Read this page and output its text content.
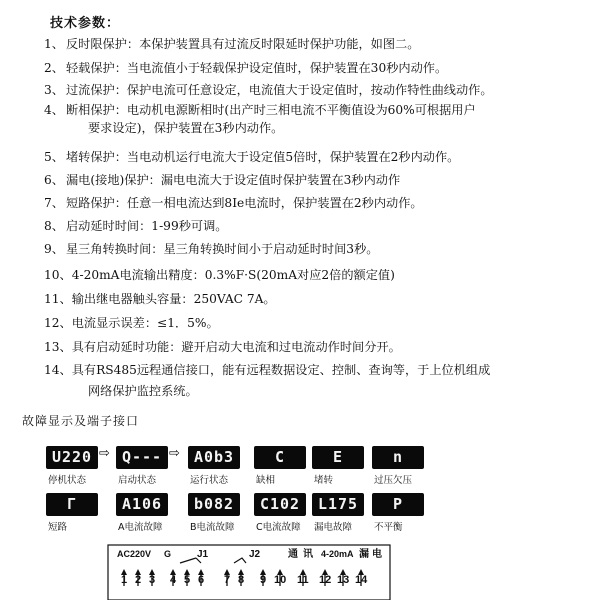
技术参数：
1、 反时限保护：本保护装置具有过流反时限延时保护功能，如图二。
2、 轻载保护：当电流值小于轻载保护设定值时，保护装置在30秒内动作。
3、 过流保护：保护电流可任意设定，电流值大于设定值时，按动作特性曲线动作。
4、 断相保护：电动机电源断相时(出产时三相电流不平衡值设为60%可根据用户
要求设定)，保护装置在3秒内动作。
5、 堵转保护：当电动机运行电流大于设定值5倍时，保护装置在2秒内动作。
6、 漏电(接地)保护：漏电电流大于设定值时保护装置在3秒内动作
7、 短路保护：任意一相电流达到8Ie电流时，保护装置在2秒内动作。
8、 启动延时时间：1-99秒可调。
9、 星三角转换时间：星三角转换时间小于启动延时时间3秒。
10、4-20mA电流输出精度：0.3%F·S(20mA对应2倍的额定值)
11、输出继电器触头容量：250VAC 7A。
12、电流显示误差：≤1．5%。
13、具有启动延时功能：避开启动大电流和过电流动作时间分开。
14、具有RS485远程通信接口，能有远程数据设定、控制、查询等，于上位机组成
网络保护监控系统。
故障显示及端子接口
U220
停机状态
Q---
启动状态
A0b3
运行状态
C
缺相
E
堵转
n
过压欠压
Γ
短路
A106
A电流故障
b082
B电流故障
C102
C电流故障
L175
漏电故障
P
不平衡
AC220V G	J1	J2	通 讯 4-20mA 漏 电
1 2 3 4 5 6 7 8 9 10 11 12 13 14
⇨	⇨
